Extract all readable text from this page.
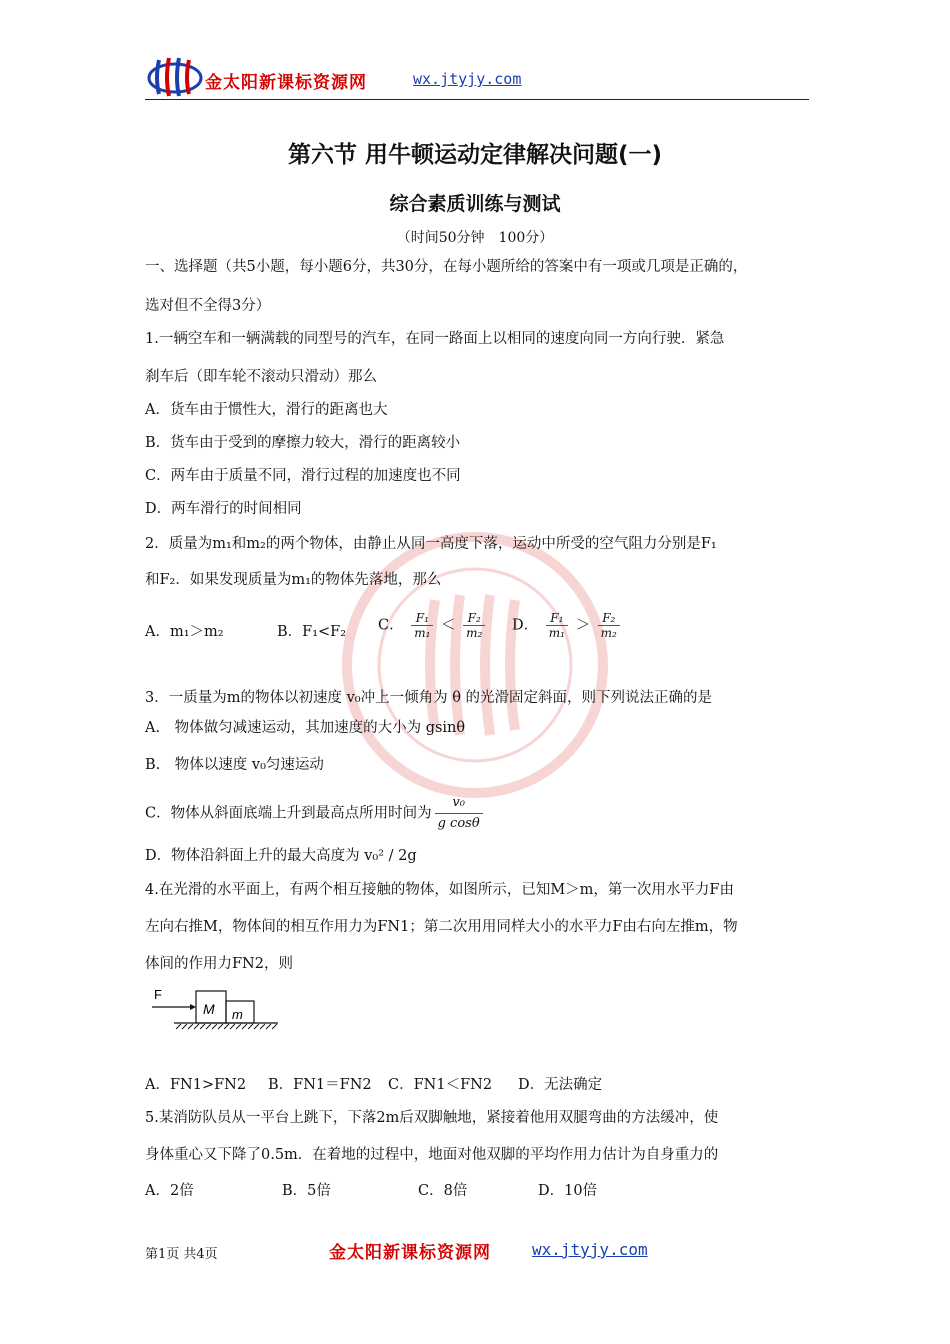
金太阳新课标资源网	wx.jtyjy.com
第六节 用牛顿运动定律解决问题(一)
综合素质训练与测试
（时间50分钟　100分）
一、选择题（共5小题，每小题6分，共30分，在每小题所给的答案中有一项或几项是正确的，
选对但不全得3分）
1.一辆空车和一辆满载的同型号的汽车，在同一路面上以相同的速度向同一方向行驶．紧急
刹车后（即车轮不滚动只滑动）那么
A．货车由于惯性大，滑行的距离也大
B．货车由于受到的摩擦力较大，滑行的距离较小
C．两车由于质量不同，滑行过程的加速度也不同
D．两车滑行的时间相同
2．质量为m₁和m₂的两个物体，由静止从同一高度下落，运动中所受的空气阻力分别是F₁
和F₂．如果发现质量为m₁的物体先落地，那么
A．m₁＞m₂	B．F₁<F₂ C． $\frac{\text{F₁}}{\text{m₁}} < \frac{\text{F₂}}{\text{m₂}}$ D． $\frac{\text{F₁}}{\text{m₁}} > \frac{\text{F₂}}{\text{m₂}}$
3．一质量为m的物体以初速度 v₀冲上一倾角为 θ 的光滑固定斜面，则下列说法正确的是
A.　物体做匀减速运动，其加速度的大小为 gsinθ
B.　物体以速度 v₀匀速运动
C．物体从斜面底端上升到最高点所用时间为 $\frac{\text{v₀}}{\text{g cosθ}}$
D．物体沿斜面上升的最大高度为 v₀² / 2g
4.在光滑的水平面上，有两个相互接触的物体，如图所示，已知M＞m，第一次用水平力F由
左向右推M，物体间的相互作用力为FN1；第二次用用同样大小的水平力F由右向左推m，物
体间的作用力FN2，则
F
M m
A．FN1>FN2 B．FN1＝FN2 C．FN1＜FN2 D．无法确定
5.某消防队员从一平台上跳下，下落2m后双脚触地，紧接着他用双腿弯曲的方法缓冲，使
身体重心又下降了0.5m．在着地的过程中，地面对他双脚的平均作用力估计为自身重力的
A．2倍	B．5倍	C．8倍	D．10倍
第1页 共4页	金太阳新课标资源网	wx.jtyjy.com
